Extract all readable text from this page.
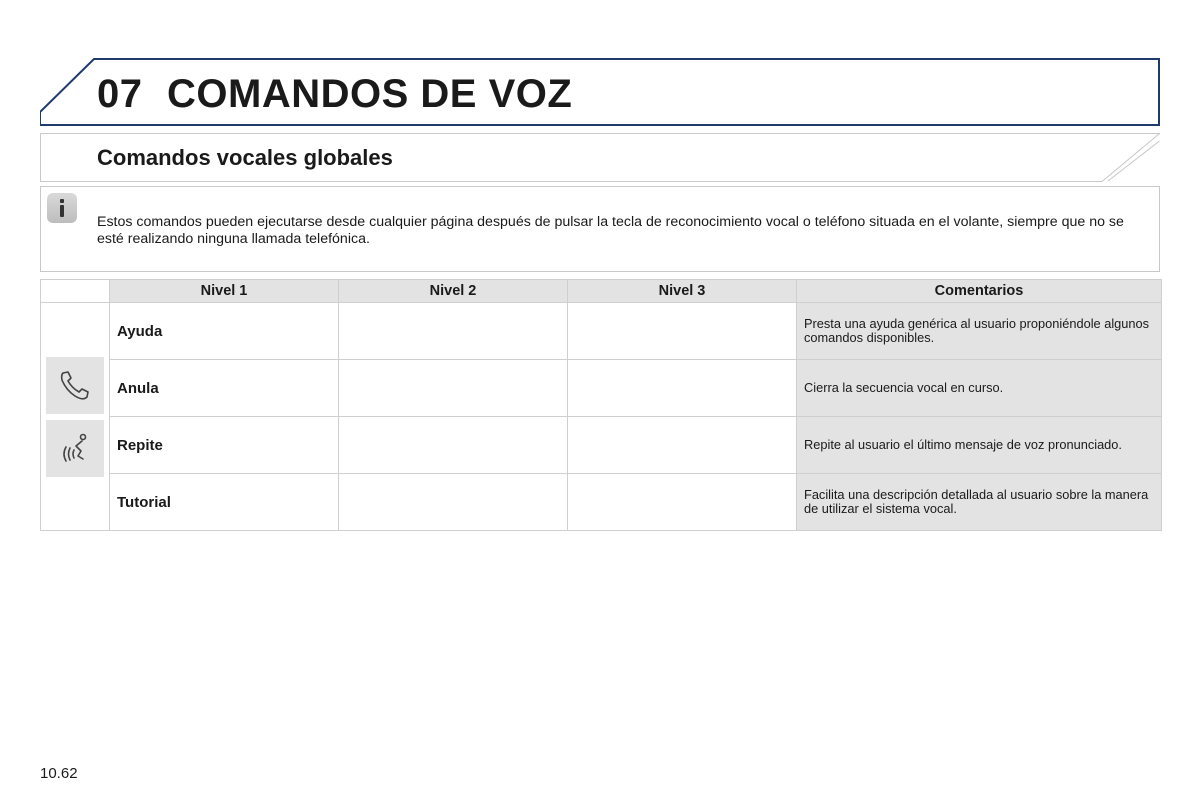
07 COMANDOS DE VOZ
Comandos vocales globales
Estos comandos pueden ejecutarse desde cualquier página después de pulsar la tecla de reconocimiento vocal o teléfono situada en el volante, siempre que no se esté realizando ninguna llamada telefónica.
	Nivel 1	Nivel 2	Nivel 3	Comentarios

	Ayuda			Presta una ayuda genérica al usuario proponiéndole algunos comandos disponibles.
	Anula			Cierra la secuencia vocal en curso.
	Repite			Repite al usuario el último mensaje de voz pronunciado.
	Tutorial			Facilita una descripción detallada al usuario sobre la manera de utilizar el sistema vocal.
10.62
